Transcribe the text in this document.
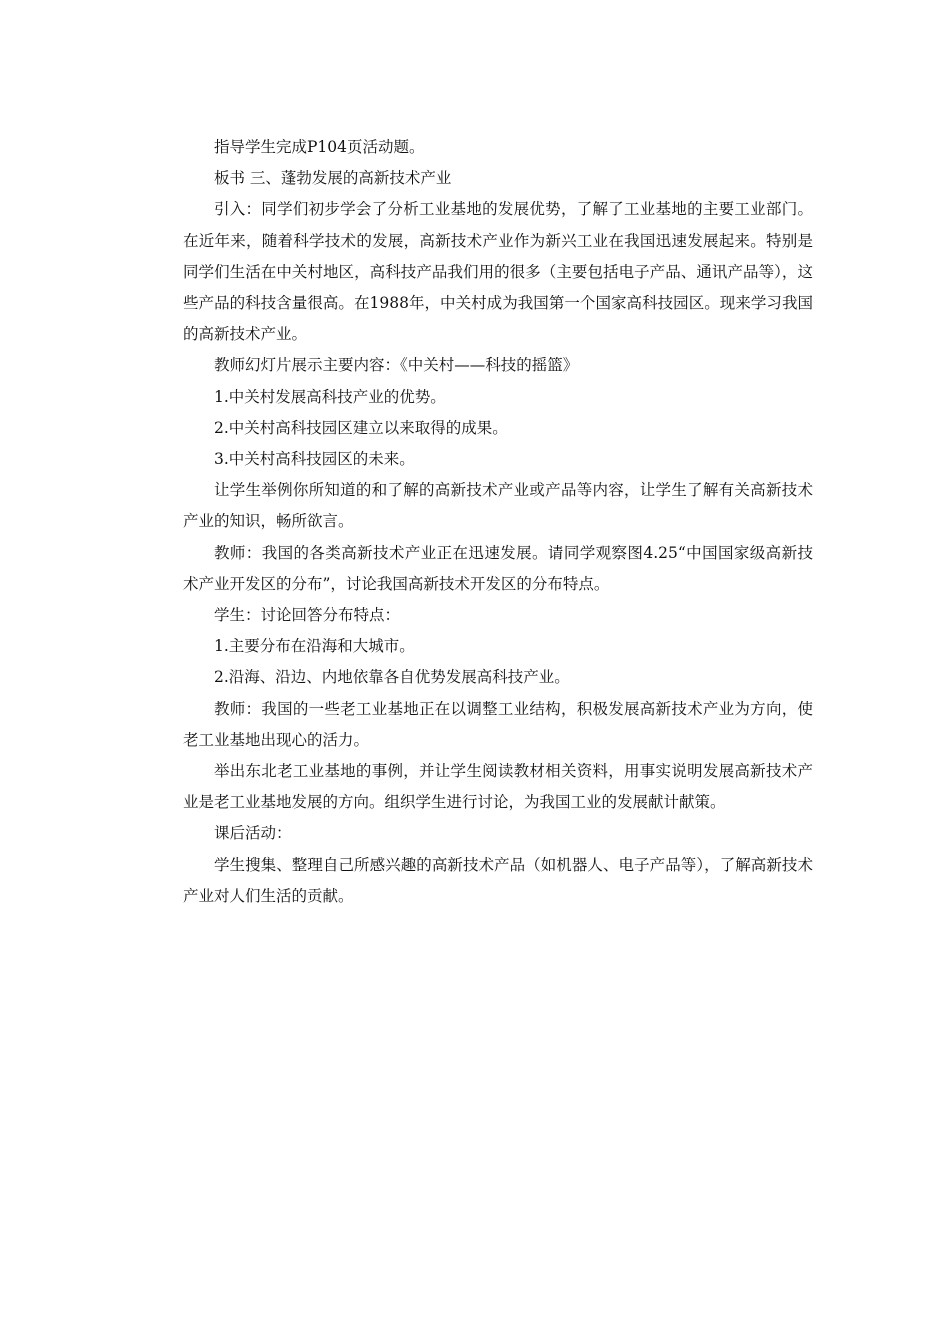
指导学生完成P104页活动题。

板书 三、蓬勃发展的高新技术产业

引入：同学们初步学会了分析工业基地的发展优势，了解了工业基地的主要工业部门。在近年来，随着科学技术的发展，高新技术产业作为新兴工业在我国迅速发展起来。特别是同学们生活在中关村地区，高科技产品我们用的很多（主要包括电子产品、通讯产品等），这些产品的科技含量很高。在1988年，中关村成为我国第一个国家高科技园区。现来学习我国的高新技术产业。

教师幻灯片展示主要内容：《中关村——科技的摇篮》

1.中关村发展高科技产业的优势。

2.中关村高科技园区建立以来取得的成果。

3.中关村高科技园区的未来。

让学生举例你所知道的和了解的高新技术产业或产品等内容，让学生了解有关高新技术产业的知识，畅所欲言。

教师：我国的各类高新技术产业正在迅速发展。请同学观察图4.25“中国国家级高新技术产业开发区的分布”，讨论我国高新技术开发区的分布特点。

学生：讨论回答分布特点：

1.主要分布在沿海和大城市。

2.沿海、沿边、内地依靠各自优势发展高科技产业。

教师：我国的一些老工业基地正在以调整工业结构，积极发展高新技术产业为方向，使老工业基地出现心的活力。

举出东北老工业基地的事例，并让学生阅读教材相关资料，用事实说明发展高新技术产业是老工业基地发展的方向。组织学生进行讨论，为我国工业的发展献计献策。

课后活动：

学生搜集、整理自己所感兴趣的高新技术产品（如机器人、电子产品等），了解高新技术产业对人们生活的贡献。
